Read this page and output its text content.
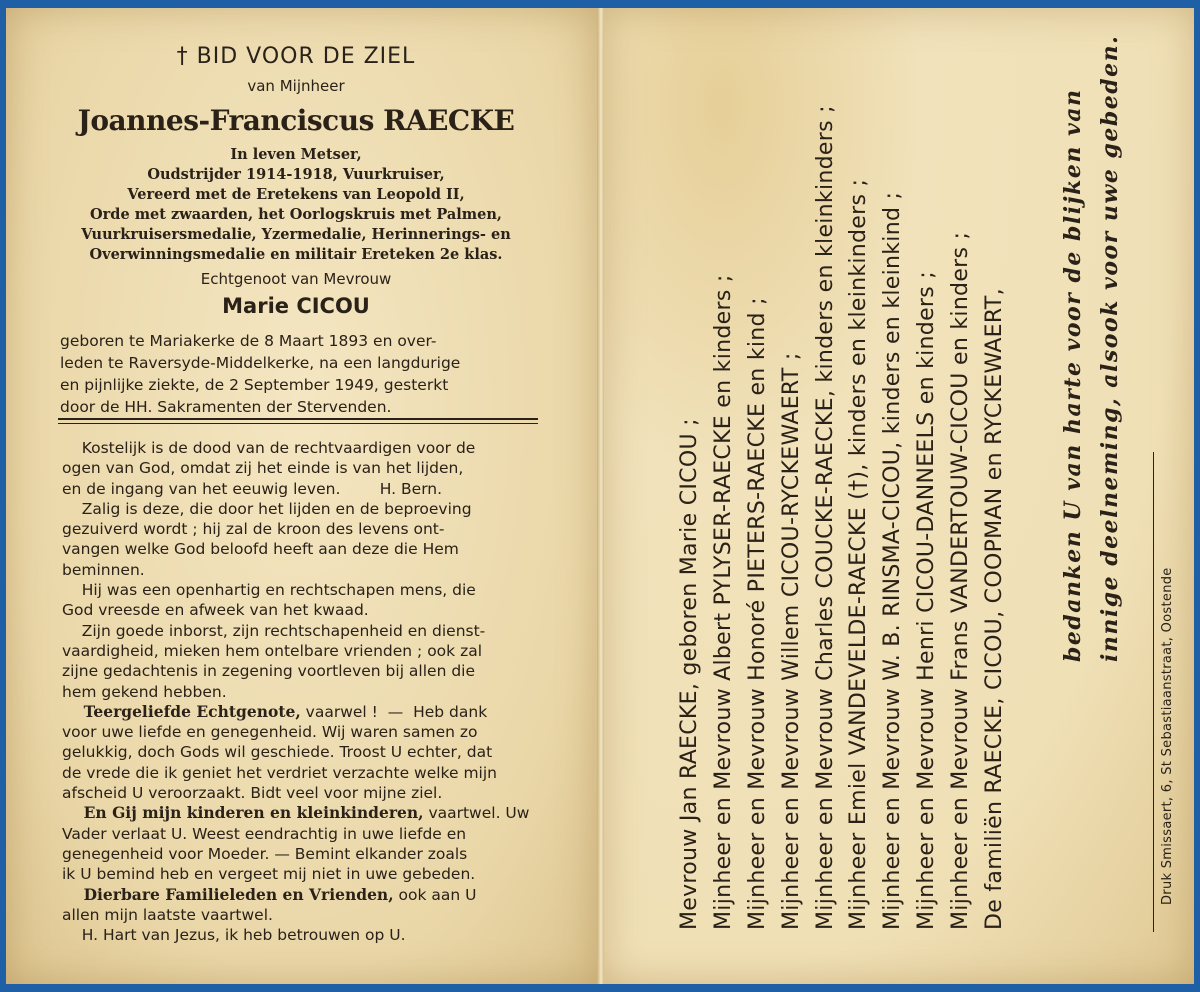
† BID VOOR DE ZIEL
van Mijnheer
Joannes-Franciscus RAECKE
In leven Metser,
Oudstrijder 1914-1918, Vuurkruiser,
Vereerd met de Eretekens van Leopold II,
Orde met zwaarden, het Oorlogskruis met Palmen,
Vuurkruisersmedalie, Yzermedalie, Herinnerings- en
Overwinningsmedalie en militair Ereteken 2e klas.
Echtgenoot van Mevrouw
Marie CICOU
geboren te Mariakerke de 8 Maart 1893 en over-
leden te Raversyde-Middelkerke, na een langdurige
en pijnlijke ziekte, de 2 September 1949, gesterkt
door de HH. Sakramenten der Stervenden.
Kostelijk is de dood van de rechtvaardigen voor de
ogen van God, omdat zij het einde is van het lijden,
en de ingang van het eeuwig leven.        H. Bern.
Zalig is deze, die door het lijden en de beproeving
gezuiverd wordt ; hij zal de kroon des levens ont-
vangen welke God beloofd heeft aan deze die Hem
beminnen.
Hij was een openhartig en rechtschapen mens, die
God vreesde en afweek van het kwaad.
Zijn goede inborst, zijn rechtschapenheid en dienst-
vaardigheid, mieken hem ontelbare vrienden ; ook zal
zijne gedachtenis in zegening voortleven bij allen die
hem gekend hebben.
Teergeliefde Echtgenote, vaarwel !  —  Heb dank
voor uwe liefde en genegenheid. Wij waren samen zo
gelukkig, doch Gods wil geschiede. Troost U echter, dat
de vrede die ik geniet het verdriet verzachte welke mijn
afscheid U veroorzaakt. Bidt veel voor mijne ziel.
En Gij mijn kinderen en kleinkinderen, vaartwel. Uw
Vader verlaat U. Weest eendrachtig in uwe liefde en
genegenheid voor Moeder. — Bemint elkander zoals
ik U bemind heb en vergeet mij niet in uwe gebeden.
Dierbare Familieleden en Vrienden, ook aan U
allen mijn laatste vaartwel.
H. Hart van Jezus, ik heb betrouwen op U.
Mevrouw Jan RAECKE, geboren Marie CICOU ; Mijnheer en Mevrouw Albert PYLYSER-RAECKE en kinders ; Mijnheer en Mevrouw Honoré PIETERS-RAECKE en kind ; Mijnheer en Mevrouw Willem CICOU-RYCKEWAERT ; Mijnheer en Mevrouw Charles COUCKE-RAECKE, kinders en kleinkinders ; Mijnheer Emiel VANDEVELDE-RAECKE (†), kinders en kleinkinders ; Mijnheer en Mevrouw W. B. RINSMA-CICOU, kinders en kleinkind ; Mijnheer en Mevrouw Henri CICOU-DANNEELS en kinders ; Mijnheer en Mevrouw Frans VANDERTOUW-CICOU en kinders ; De familiën RAECKE, CICOU, COOPMAN en RYCKEWAERT, bedanken U van harte voor de blijken van innige deelneming, alsook voor uwe gebeden.
Druk Smissaert, 6, St Sebastiaanstraat, Oostende
